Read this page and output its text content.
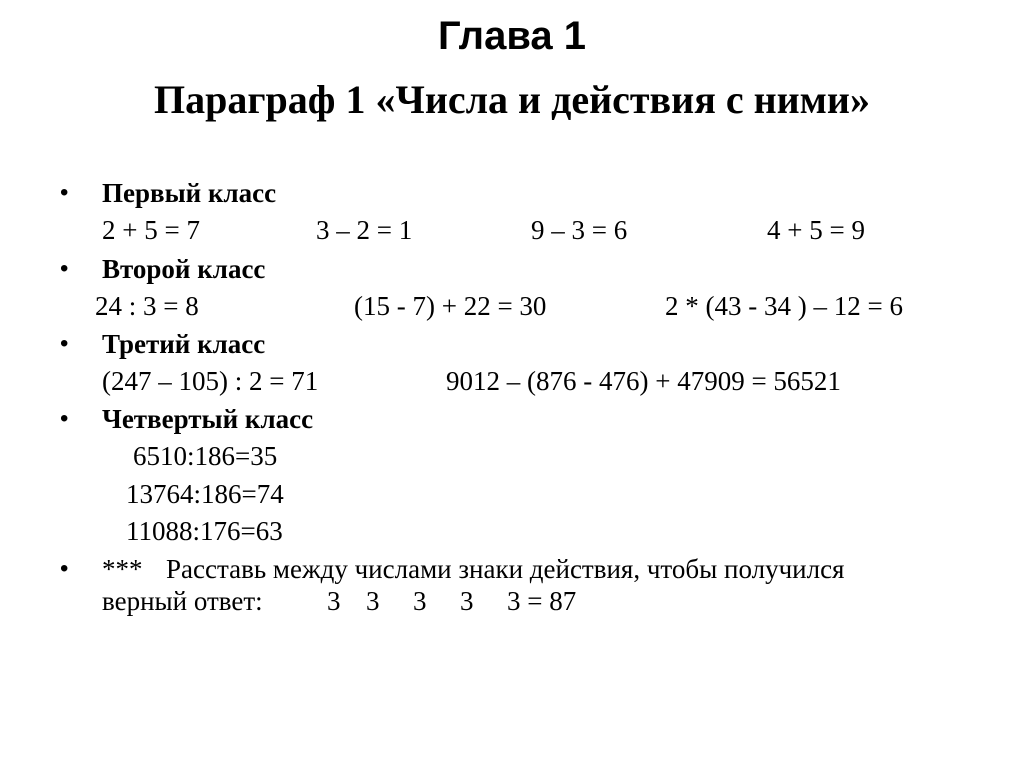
Глава 1
Параграф 1 «Числа и действия с ними»
• Первый класс
2 + 5 = 7	3 – 2 = 1	9 – 3 = 6	4 + 5 = 9
• Второй класс
24 : 3 = 8	(15 - 7) + 22 = 30	2 * (43 - 34 ) – 12 = 6
• Третий класс
(247 – 105) : 2 = 71	9012 – (876 - 476) + 47909 = 56521
• Четвертый класс
6510:186=35
13764:186=74
11088:176=63
• *** Расставь между числами знаки действия, чтобы получился
верный ответ: 3 3 3 3 3 = 87
